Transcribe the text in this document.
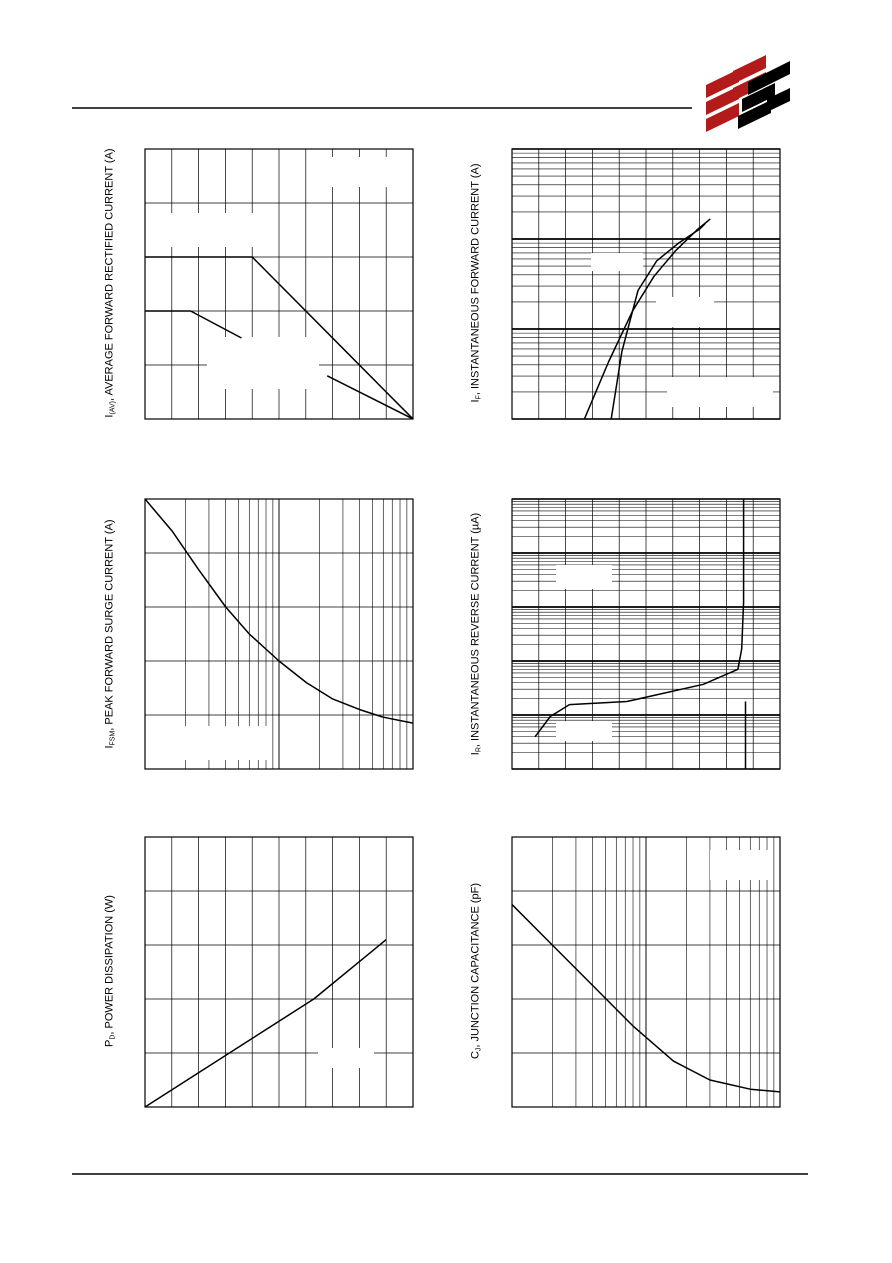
$I_{(AV)}$, AVERAGE FORWARD RECTIFIED CURRENT (A)	$I_F$, INSTANTANEOUS FORWARD CURRENT (A)
$I_{FSM}$, PEAK FORWARD SURGE CURRENT (A)
$I_R$, INSTANTANEOUS REVERSE CURRENT (µA)
$P_D$, POWER DISSIPATION (W)
$C_J$, JUNCTION CAPACITANCE (pF)
